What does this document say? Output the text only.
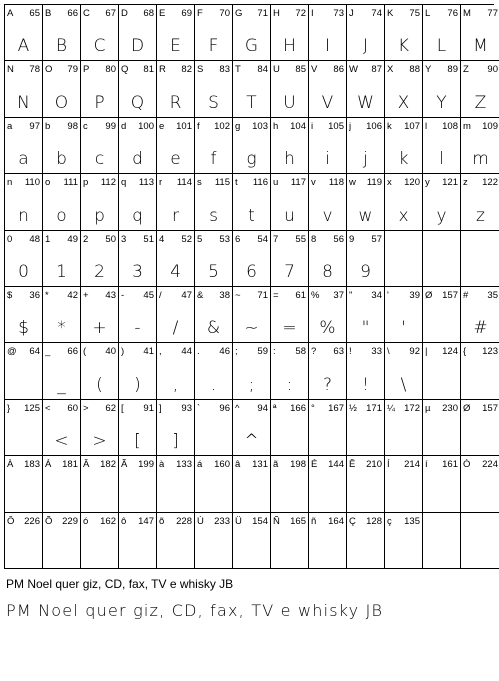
A 65
A
B 66
B
C 67
C
D 68
D
E 69
E
F 70
F
G 71
G
H 72
H
I 73
I
J 74
J
K 75
K
L 76
L
M 77
M
N 78
N
O 79
O
P 80
P
Q 81
Q
R 82
R
S 83
S
T 84
T
U 85
U
V 86
V
W 87
W
X 88
X
Y 89
Y
Z 90
Z
a 97
a
b 98
b
c 99
c
d 100
d
e 101
e
f 102
f
g 103
g
h 104
h
i 105
i
j 106
j
k 107
k
l 108
l
m 109
m
n 110
n
o 111
o
p 112
p
q 113
q
r 114
r
s 115
s
t 116
t
u 117
u
v 118
v
w 119
w
x 120
x
y 121
y
z 122
z
0 48
0
1 49
1
2 50
2
3 51
3
4 52
4
5 53
5
6 54
6
7 55
7
8 56
8
9 57
9
$ 36
$
* 42
*
+ 43
+
- 45
-
/ 47
/
& 38
&
~ 71
~
= 61
=
% 37
%
" 34
"
' 39
'
Ø 157 # 35
#
@ 64 _ 66
_
( 40
(
) 41
)
, 44
,
. 46
.
; 59
;
: 58
:
? 63
?
! 33
!
\ 92
\
| 124 { 123
} 125 < 60
<
> 62
>
[ 91
[
] 93
]
` 96 ^ 94
^
ª 166 ° 167 ½ 171 ¼ 172 µ 230 Ø 157
À 183 Á 181 Â 182 Ã 199 à 133 á 160 â 131 ã 198 É 144 Ê 210 Í 214 í 161 Ó 224
Ô 226 Õ 229 ó 162 ô 147 õ 228 Ú 233 Ü 154 Ñ 165 ñ 164 Ç 128 ç 135
PM Noel quer giz, CD, fax, TV e whisky JB
PM Noel quer giz, CD, fax, TV e whisky JB
